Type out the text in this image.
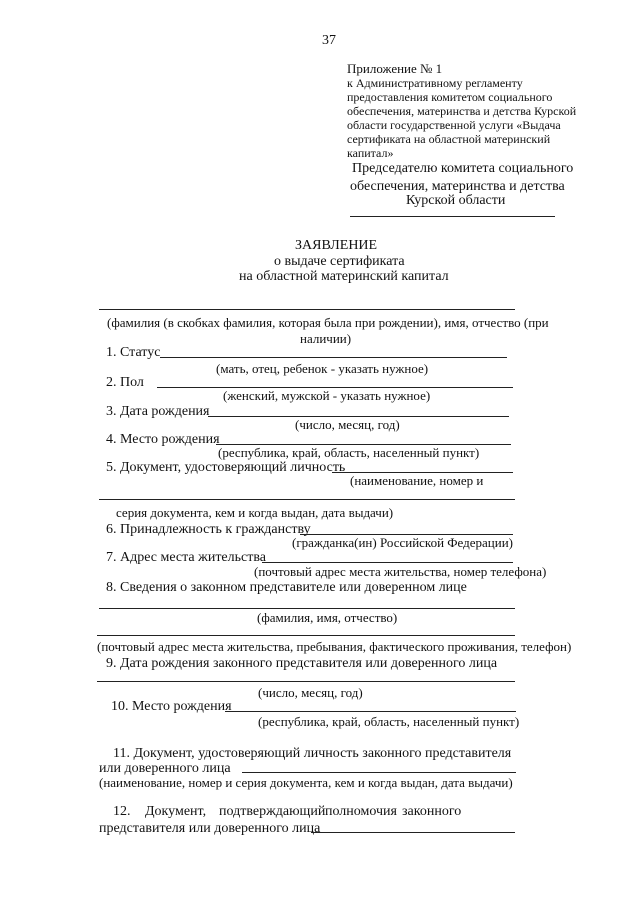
37
Приложение № 1
к Административному регламенту
предоставления комитетом социального
обеспечения, материнства и детства Курской
области государственной услуги «Выдача
сертификата на областной материнский
капитал»
Председателю комитета социального
обеспечения, материнства и детства
Курской области
ЗАЯВЛЕНИЕ
о выдаче сертификата
на областной материнский капитал
(фамилия (в скобках фамилия, которая была при рождении), имя, отчество (при
наличии)
1. Статус
(мать, отец, ребенок - указать нужное)
2. Пол
(женский, мужской - указать нужное)
3. Дата рождения
(число, месяц, год)
4. Место рождения
(республика, край, область, населенный пункт)
5. Документ, удостоверяющий личность
(наименование, номер и
серия документа, кем и когда выдан, дата выдачи)
6. Принадлежность к гражданству
(гражданка(ин) Российской Федерации)
7. Адрес места жительства
(почтовый адрес места жительства, номер телефона)
8. Сведения о законном представителе или доверенном лице
(фамилия, имя, отчество)
(почтовый адрес места жительства, пребывания, фактического проживания, телефон)
9. Дата рождения законного представителя или доверенного лица
(число, месяц, год)
10. Место рождения
(республика, край, область, населенный пункт)
11. Документ, удостоверяющий личность законного представителя
или доверенного лица
(наименование, номер и серия документа, кем и когда выдан, дата выдачи)
12. Документ, подтверждающий полномочия законного
представителя или доверенного лица
